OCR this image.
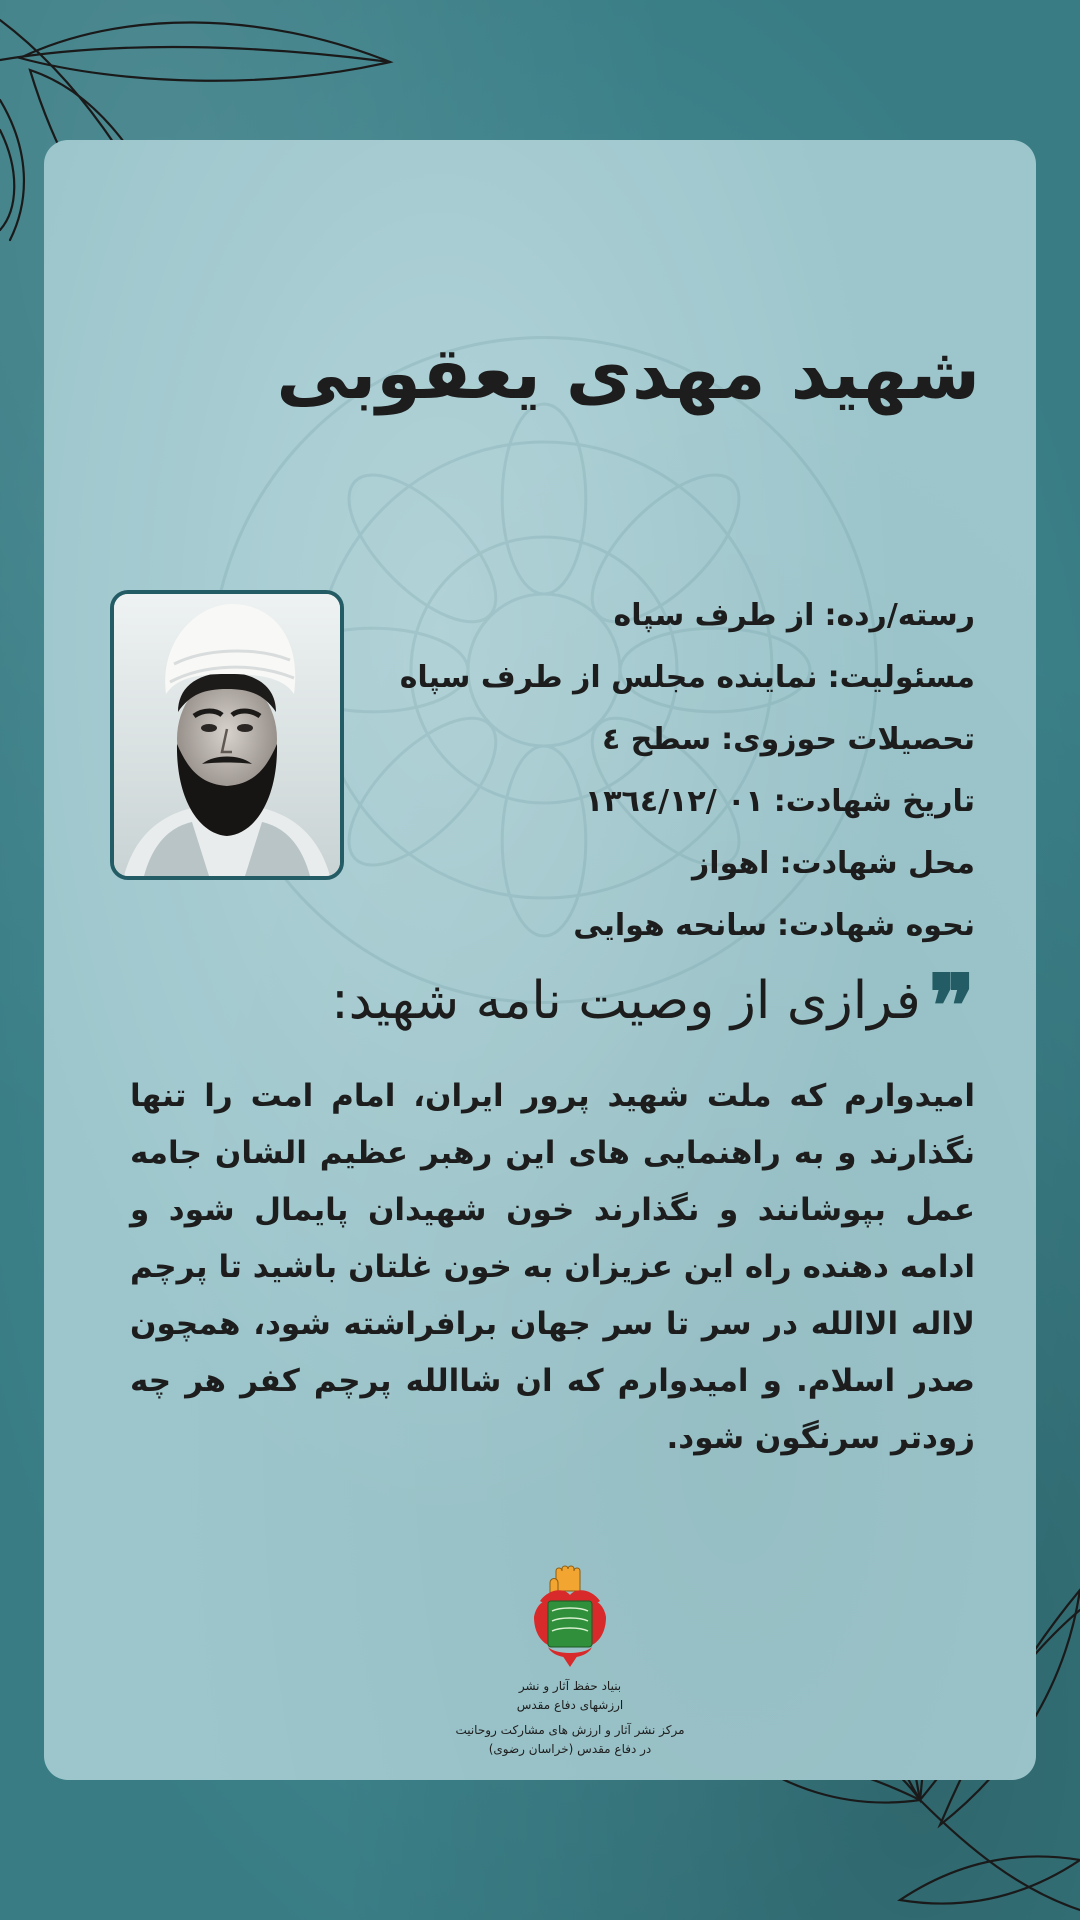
شهید مهدی یعقوبی
رسته/رده:از طرف سپاه
مسئولیت:نماینده مجلس از طرف سپاه
تحصیلات حوزوی:سطح ٤
تاریخ شهادت:٠١ /١٣٦٤/١٢
محل شهادت:اهواز
نحوه شهادت:سانحه هوایی
❞فرازی از وصیت نامه شهید:
امیدوارم که ملت شهید پرور ایران، امام امت را تنها نگذارند و به راهنمایی های این رهبر عظیم الشان جامه عمل بپوشانند و نگذارند خون شهیدان پایمال شود و ادامه دهنده راه این عزیزان به خون غلتان باشید تا پرچم لااله الاالله در سر تا سر جهان برافراشته شود، همچون صدر اسلام. و امیدوارم که ان شاالله پرچم کفر هر چه زودتر سرنگون شود.
بنیاد حفظ آثار و نشر
ارزشهای دفاع مقدس
مرکز نشر آثار و ارزش های مشارکت روحانیت
در دفاع مقدس (خراسان رضوی)
